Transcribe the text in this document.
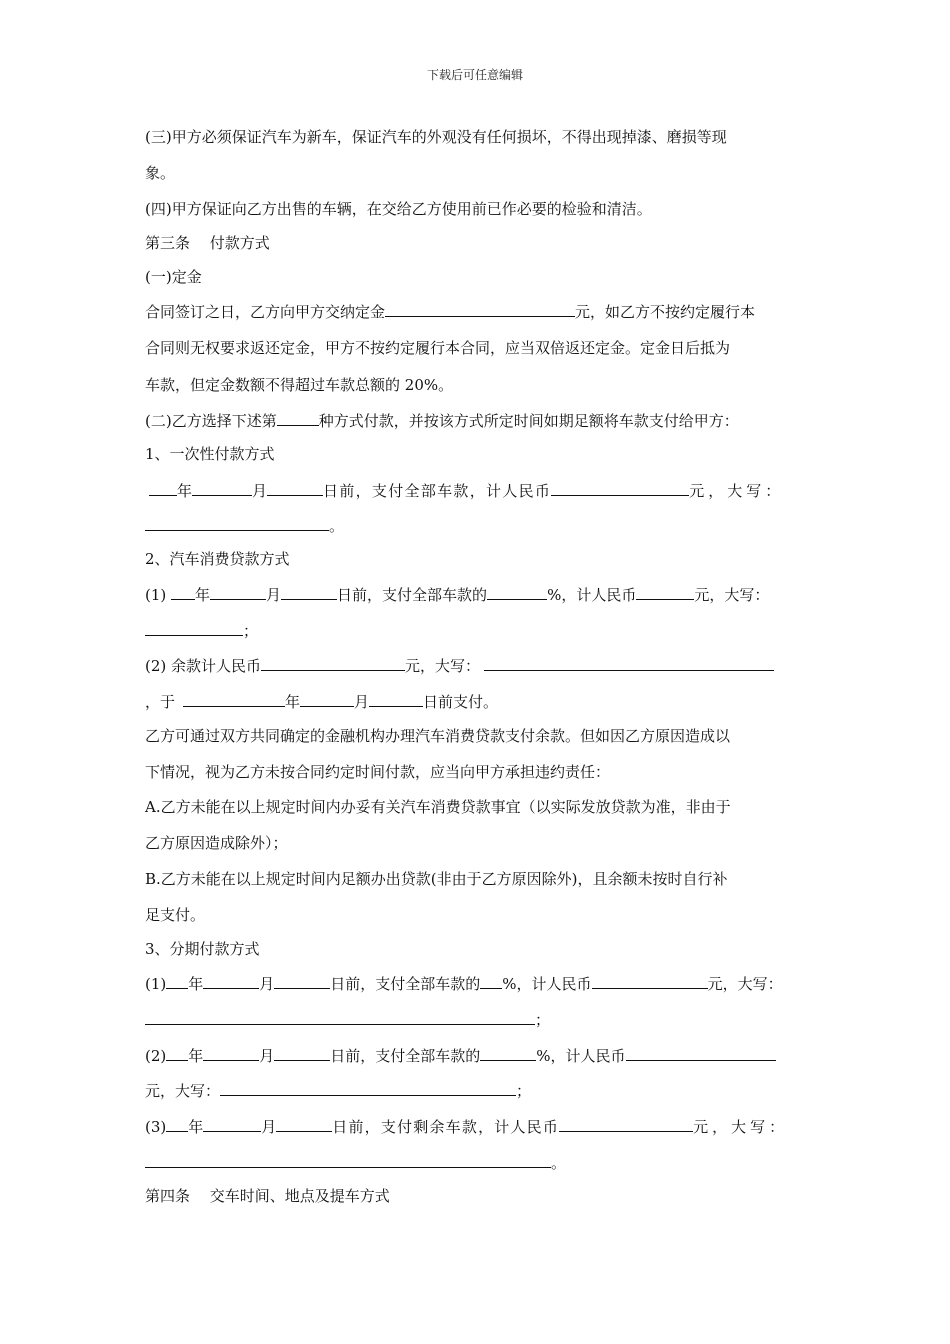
下载后可任意编辑
(三)甲方必须保证汽车为新车，保证汽车的外观没有任何损坏，不得出现掉漆、磨损等现
象。
(四)甲方保证向乙方出售的车辆，在交给乙方使用前已作必要的检验和清洁。
第三条　 付款方式
(一)定金
合同签订之日，乙方向甲方交纳定金	元，如乙方不按约定履行本
合同则无权要求返还定金，甲方不按约定履行本合同，应当双倍返还定金。定金日后抵为
车款，但定金数额不得超过车款总额的 20%。
(二)乙方选择下述第	种方式付款，并按该方式所定时间如期足额将车款支付给甲方：
1、一次性付款方式
年	月	日前，支付全部车款，计人民币	元，大写：
。
2、汽车消费贷款方式
(1) 年	月	日前，支付全部车款的	%，计人民币	元，大写：
；
(2) 余款计人民币	元，大写：
，于	年	月	日前支付。
乙方可通过双方共同确定的金融机构办理汽车消费贷款支付余款。但如因乙方原因造成以
下情况，视为乙方未按合同约定时间付款，应当向甲方承担违约责任：
A.乙方未能在以上规定时间内办妥有关汽车消费贷款事宜（以实际发放贷款为准，非由于
乙方原因造成除外）；
B.乙方未能在以上规定时间内足额办出贷款(非由于乙方原因除外)，且余额未按时自行补
足支付。
3、分期付款方式
(1) 年	月	日前，支付全部车款的 %，计人民币	元，大写：
；
(2) 年	月	日前，支付全部车款的	%，计人民币
元，大写：	；
(3) 年	月	日前，支付剩余车款，计人民币	元，大写：
。
第四条　 交车时间、地点及提车方式
